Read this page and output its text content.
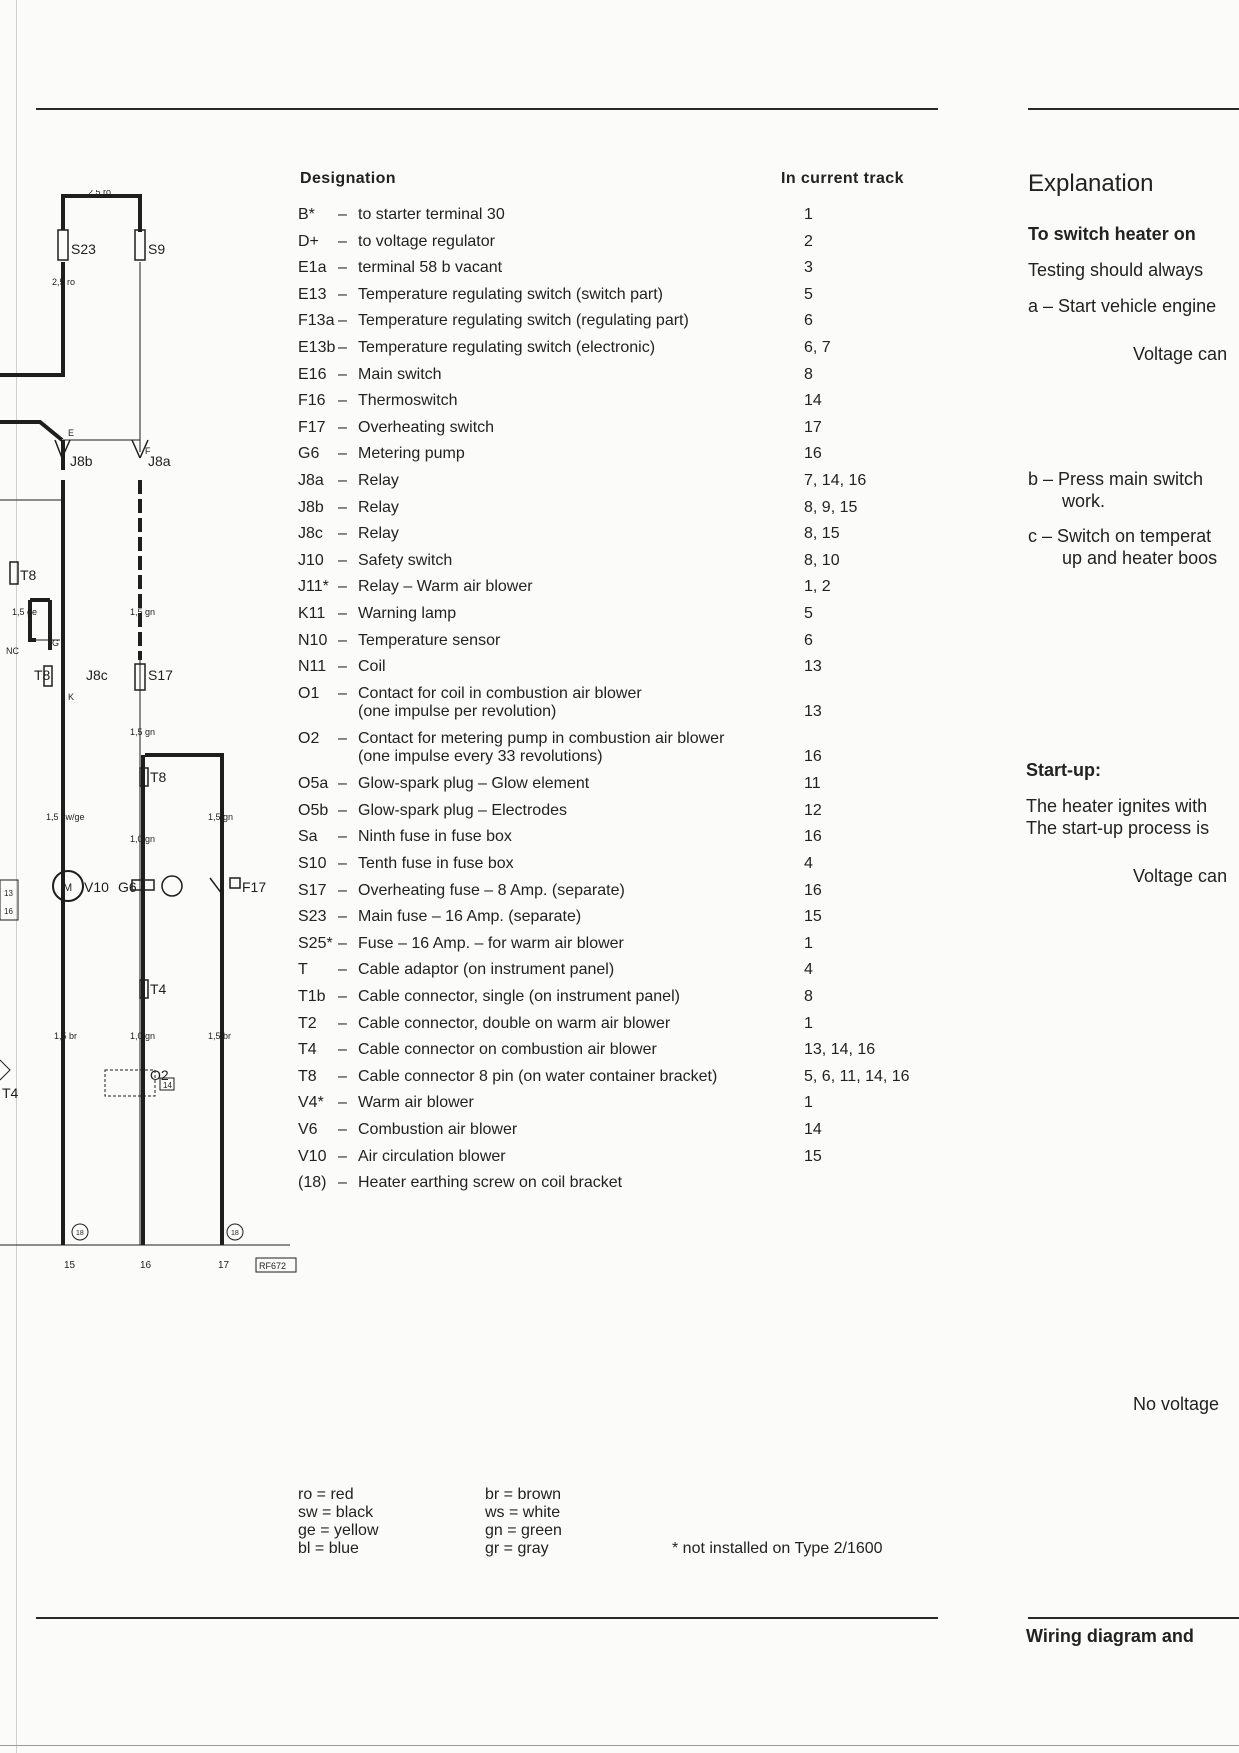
2,5 ro
2,5 ro
1,5 gn
1,5 ge
1,5 gn
1,5 sw/ge	1,5 gn
1,0 gn
1,5 br	1,0 gn	1,5 br
NC
E
F
K
G
18	18
14
13
16
RF672
15	16	17
S23	S9
J8b	J8a
T8
T8	J8c	S17
T8
M V10 G6	F17
T4
O2
T4
Designation	In current track
B*	– to starter terminal 30	1
D+	– to voltage regulator	2
E1a – terminal 58 b vacant	3
E13 – Temperature regulating switch (switch part)	5
F13a – Temperature regulating switch (regulating part)	6
E13b – Temperature regulating switch (electronic)	6, 7
E16 – Main switch	8
F16 – Thermoswitch	14
F17 – Overheating switch	17
G6	– Metering pump	16
J8a – Relay	7, 14, 16
J8b – Relay	8, 9, 15
J8c – Relay	8, 15
J10 – Safety switch	8, 10
J11* – Relay – Warm air blower	1, 2
K11 – Warning lamp	5
N10 – Temperature sensor	6
N11 – Coil	13
O1	– Contact for coil in combustion air blower
(one impulse per revolution)	13
O2	– Contact for metering pump in combustion air blower
(one impulse every 33 revolutions)	16
O5a – Glow-spark plug – Glow element	11
O5b – Glow-spark plug – Electrodes	12
Sa	– Ninth fuse in fuse box	16
S10 – Tenth fuse in fuse box	4
S17 – Overheating fuse – 8 Amp. (separate)	16
S23 – Main fuse – 16 Amp. (separate)	15
S25* – Fuse – 16 Amp. – for warm air blower	1
T	– Cable adaptor (on instrument panel)	4
T1b – Cable connector, single (on instrument panel)	8
T2	– Cable connector, double on warm air blower	1
T4	– Cable connector on combustion air blower	13, 14, 16
T8	– Cable connector 8 pin (on water container bracket)	5, 6, 11, 14, 16
V4* – Warm air blower	1
V6	– Combustion air blower	14
V10 – Air circulation blower	15
(18) – Heater earthing screw on coil bracket
ro = red
sw = black
ge = yellow
bl = blue
br = brown
ws = white
gn = green
gr = gray	* not installed on Type 2/1600
Explanation
To switch heater on
Testing should always
a – Start vehicle engine
Voltage can
b – Press main switch
work.
c – Switch on temperat
up and heater boos
Start-up:
The heater ignites with
The start-up process is
Voltage can
No voltage
Wiring diagram and
